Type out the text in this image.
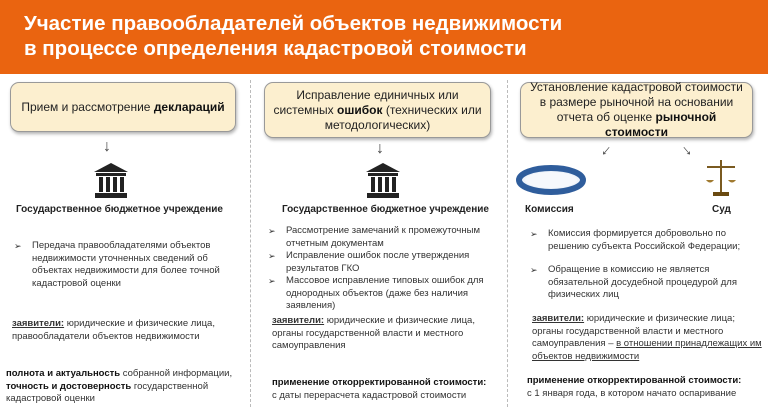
Участие правообладателей объектов недвижимости
в процессе определения кадастровой стоимости
Прием и рассмотрение деклараций
↓
Государственное бюджетное учреждение
➢ Передача правообладателями объектов недвижимости уточненных сведений об объектах недвижимости для более точной кадастровой оценки
заявители: юридические и физические лица, правообладатели объектов недвижимости
полнота и актуальность собранной информации, точность и достоверность государственной кадастровой оценки
Исправление единичных или системных ошибок (технических или методологических)
↓
Государственное бюджетное учреждение
➢ Рассмотрение замечаний к промежуточным отчетным документам
➢ Исправление ошибок после утверждения результатов ГКО
➢ Массовое исправление типовых ошибок для однородных объектов (даже без наличия заявления)
заявители: юридические и физические лица, органы государственной власти и местного самоуправления
применение откорректированной стоимости:
с даты перерасчета кадастровой стоимости
Установление кадастровой стоимости в размере рыночной на основании отчета об оценке рыночной стоимости
↓	↓
Комиссия	Суд
➢ Комиссия формируется добровольно по решению субъекта Российской Федерации;
➢ Обращение в комиссию не является обязательной досудебной процедурой для физических лиц
заявители: юридические и физические лица; органы государственной власти и местного самоуправления – в отношении принадлежащих им объектов недвижимости
применение откорректированной стоимости:
с 1 января года, в котором начато оспаривание
